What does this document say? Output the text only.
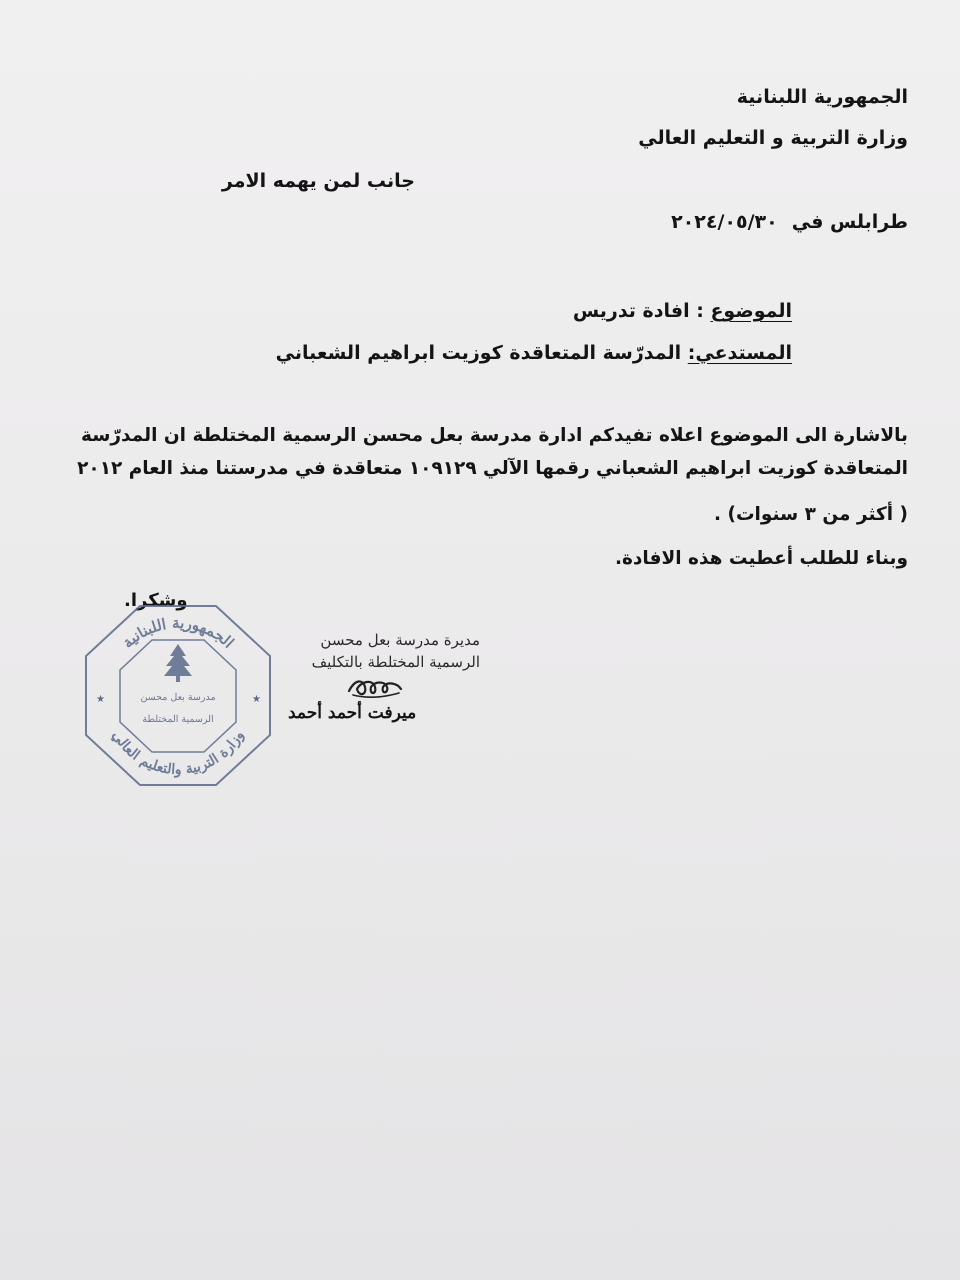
الجمهورية اللبنانية
وزارة التربية و التعليم العالي
جانب لمن يهمه الامر
طرابلس في٢٠٢٤/٠٥/٣٠
الموضوع : افادة تدريس
المستدعي: المدرّسة المتعاقدة كوزيت ابراهيم الشعباني
بالاشارة الى الموضوع اعلاه تفيدكم ادارة مدرسة بعل محسن الرسمية المختلطة ان المدرّسة
المتعاقدة كوزيت ابراهيم الشعباني رقمها الآلي ١٠٩١٢٩ متعاقدة في مدرستنا منذ العام ٢٠١٢
( أكثر من ٣ سنوات) .
وبناء للطلب أعطيت هذه الافادة.
وشكرا.
الجمهورية اللبنانية
وزارة التربية والتعليم العالي
مدرسة بعل محسن
الرسمية المختلطة
★	★
مديرة مدرسة بعل محسن
الرسمية المختلطة بالتكليف
ميرفت أحمد أحمد
